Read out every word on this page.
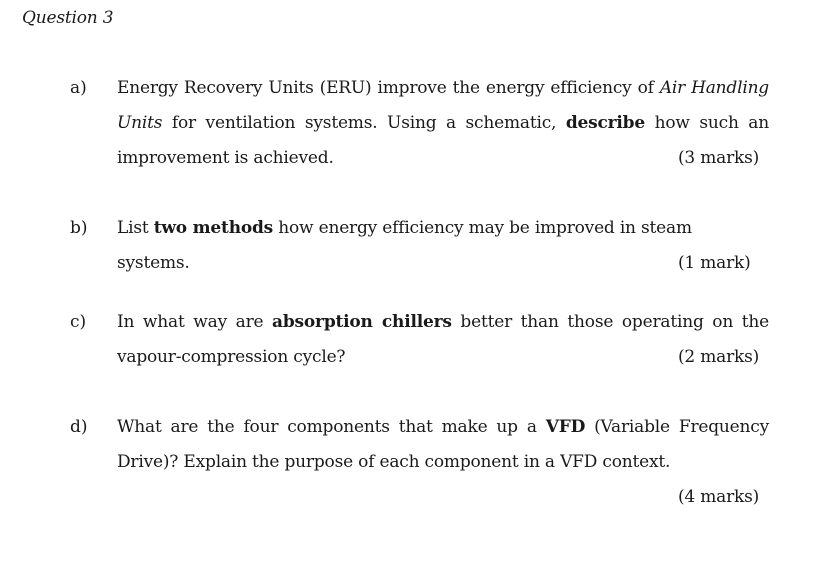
Question 3
a) Energy Recovery Units (ERU) improve the energy efficiency of Air Handling
Units for ventilation systems. Using a schematic, describe how such an
improvement is achieved.	(3 marks)
b) List two methods how energy efficiency may be improved in steam systems.	(1 mark)
c) In what way are absorption chillers better than those operating on the
vapour-compression cycle?	(2 marks)
d) What are the four components that make up a VFD (Variable Frequency
Drive)? Explain the purpose of each component in a VFD context.
(4 marks)
